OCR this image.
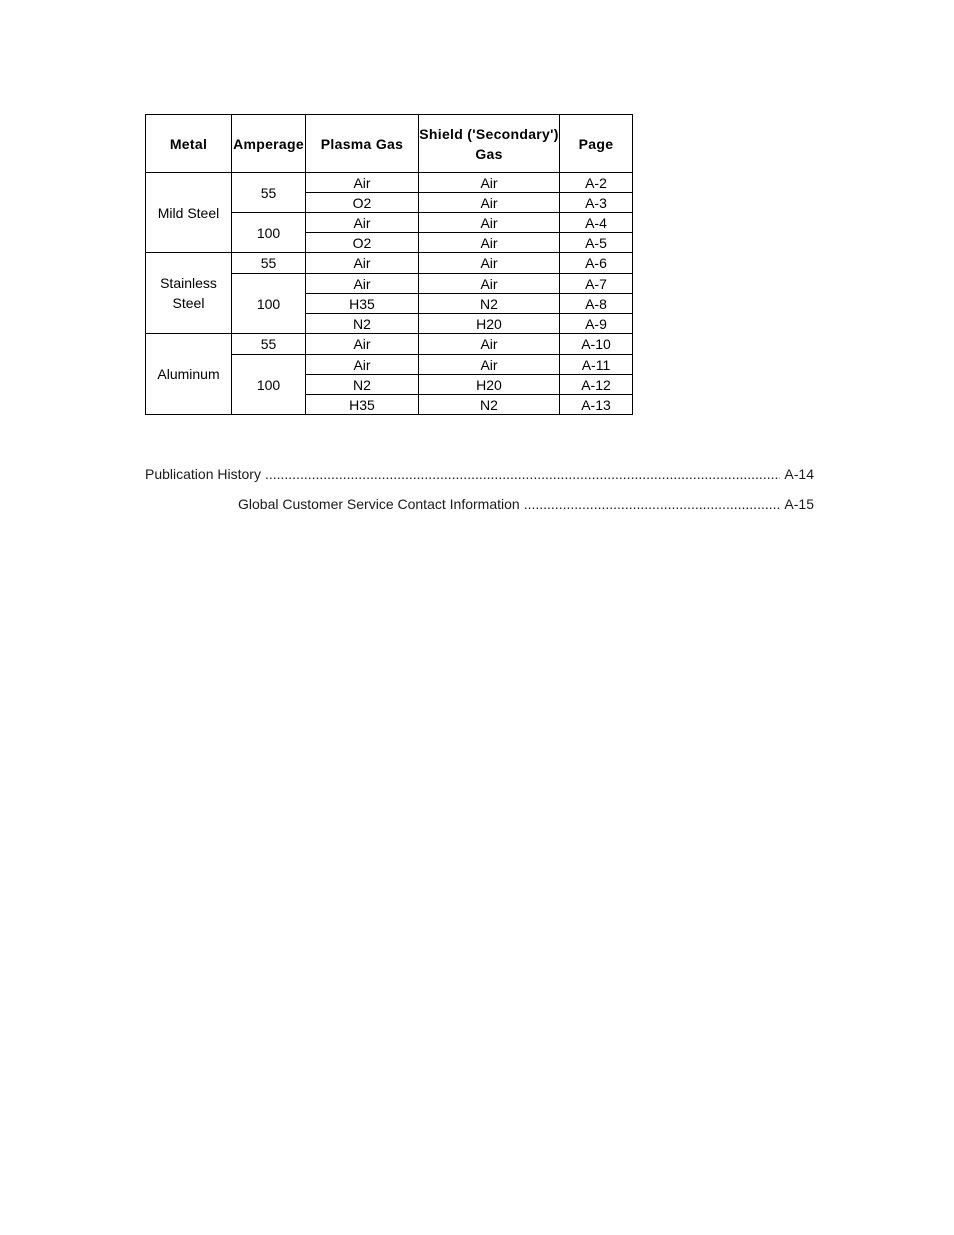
Metal	Amperage	Plasma Gas	Shield ('Secondary') Gas	Page
Mild Steel	55	Air	Air	A-2
		O2	Air	A-3
	100	Air	Air	A-4
		O2	Air	A-5
Stainless Steel	55	Air	Air	A-6
	100	Air	Air	A-7
		H35	N2	A-8
		N2	H20	A-9
Aluminum	55	Air	Air	A-10
	100	Air	Air	A-11
		N2	H20	A-12
		H35	N2	A-13
Publication History .....	A-14
Global Customer Service Contact Information .....	A-15
